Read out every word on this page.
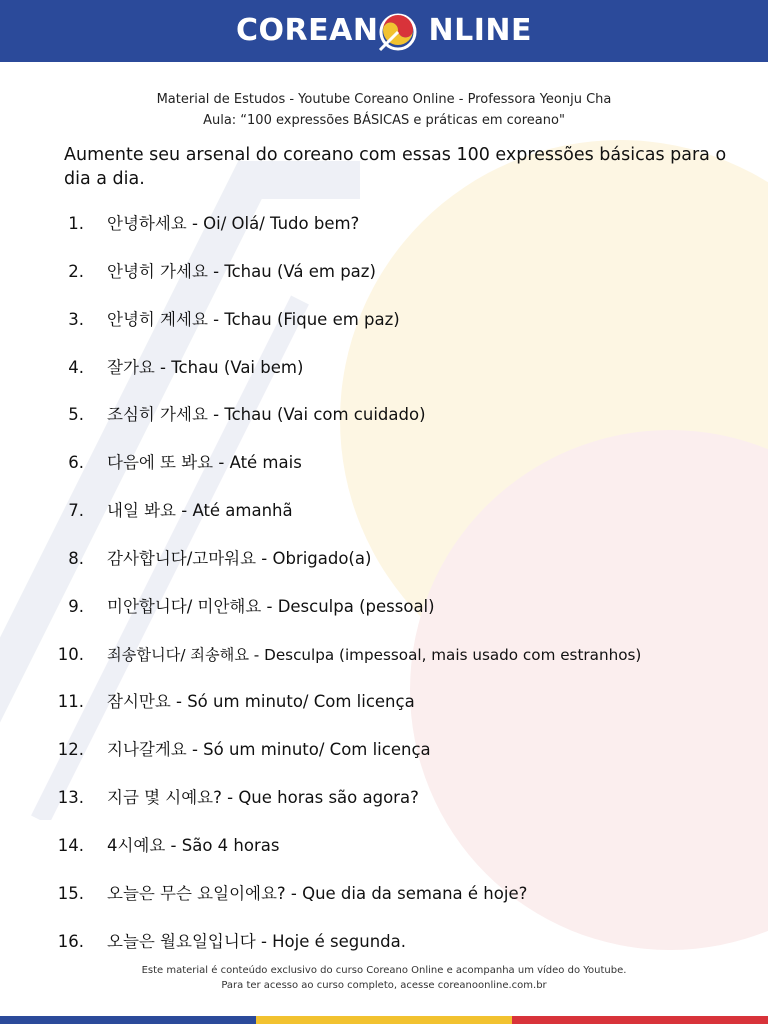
COREAN NLINE
Material de Estudos - Youtube Coreano Online - Professora Yeonju Cha
Aula: “100 expressões BÁSICAS e práticas em coreano"
Aumente seu arsenal do coreano com essas 100 expressões básicas para o dia a dia.
1. 안녕하세요 - Oi/ Olá/ Tudo bem?
2. 안녕히 가세요 - Tchau (Vá em paz)
3. 안녕히 계세요 - Tchau (Fique em paz)
4. 잘가요 - Tchau (Vai bem)
5. 조심히 가세요 - Tchau (Vai com cuidado)
6. 다음에 또 봐요 - Até mais
7. 내일 봐요 - Até amanhã
8. 감사합니다/고마워요 - Obrigado(a)
9. 미안합니다/ 미안해요 - Desculpa (pessoal)
10. 죄송합니다/ 죄송해요 - Desculpa (impessoal, mais usado com estranhos)
11. 잠시만요 - Só um minuto/ Com licença
12. 지나갈게요 - Só um minuto/ Com licença
13. 지금 몇 시예요? - Que horas são agora?
14. 4시예요 - São 4 horas
15. 오늘은 무슨 요일이에요? - Que dia da semana é hoje?
16. 오늘은 월요일입니다 - Hoje é segunda.
Este material é conteúdo exclusivo do curso Coreano Online e acompanha um vídeo do Youtube.
Para ter acesso ao curso completo, acesse coreanoonline.com.br
